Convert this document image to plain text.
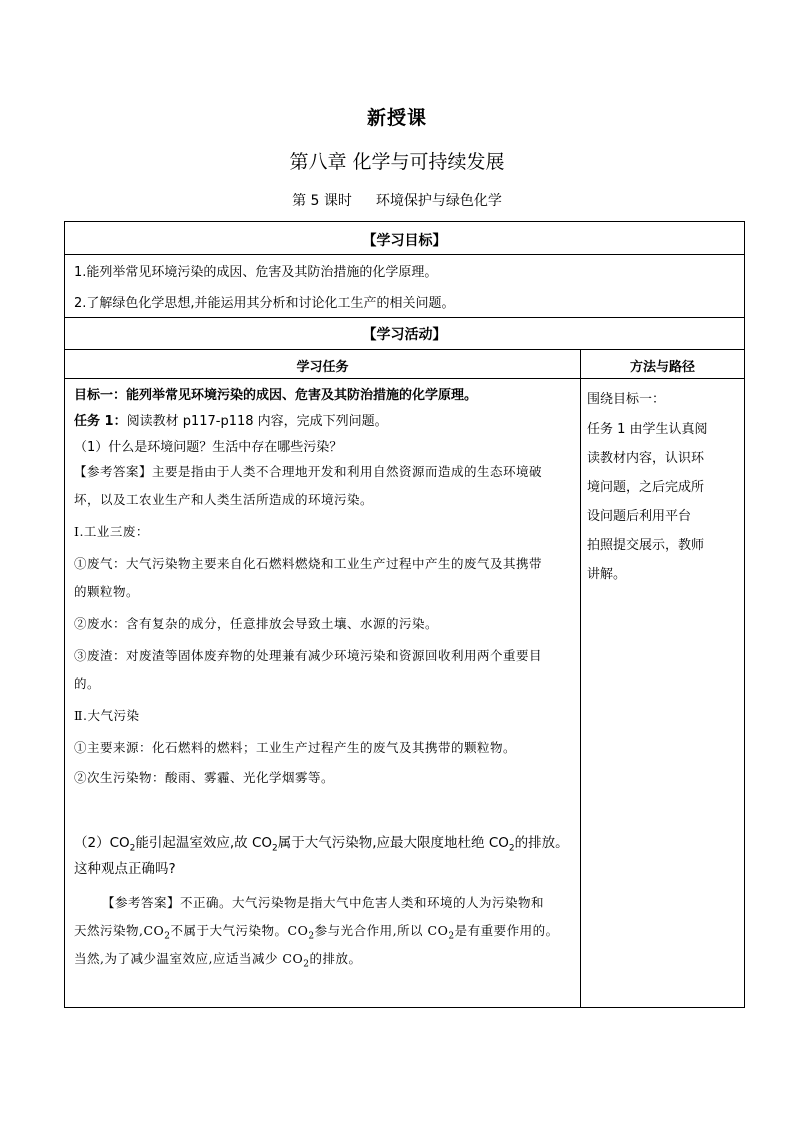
新授课
第八章 化学与可持续发展
第 5 课时 环境保护与绿色化学
【学习目标】
1.能列举常见环境污染的成因、危害及其防治措施的化学原理。
2.了解绿色化学思想,并能运用其分析和讨论化工生产的相关问题。
【学习活动】
学习任务	方法与路径
目标一：能列举常见环境污染的成因、危害及其防治措施的化学原理。
任务 1：阅读教材 p117-p118 内容，完成下列问题。
（1）什么是环境问题？生活中存在哪些污染？
【参考答案】主要是指由于人类不合理地开发和利用自然资源而造成的生态环境破
坏，以及工农业生产和人类生活所造成的环境污染。
Ⅰ.工业三废：
①废气：大气污染物主要来自化石燃料燃烧和工业生产过程中产生的废气及其携带
的颗粒物。
②废水：含有复杂的成分，任意排放会导致土壤、水源的污染。
③废渣：对废渣等固体废弃物的处理兼有减少环境污染和资源回收利用两个重要目
的。
Ⅱ.大气污染
①主要来源：化石燃料的燃料；工业生产过程产生的废气及其携带的颗粒物。
②次生污染物：酸雨、雾霾、光化学烟雾等。
$(2)CO_2$能引起温室效应,故 $CO_2$属于大气污染物,应最大限度地杜绝 $CO_2$的排放。
这种观点正确吗?
【参考答案】不正确。大气污染物是指大气中危害人类和环境的人为污染物和
天然污染物$,CO_2$不属于大气污染物。$CO_2$参与光合作用,所以 $CO_2$是有重要作用的。
当然,为了减少温室效应,应适当减少 $CO_2$的排放。
围绕目标一：
任务 1 由学生认真阅
读教材内容，认识环
境问题，之后完成所
设问题后利用平台
拍照提交展示，教师
讲解。
